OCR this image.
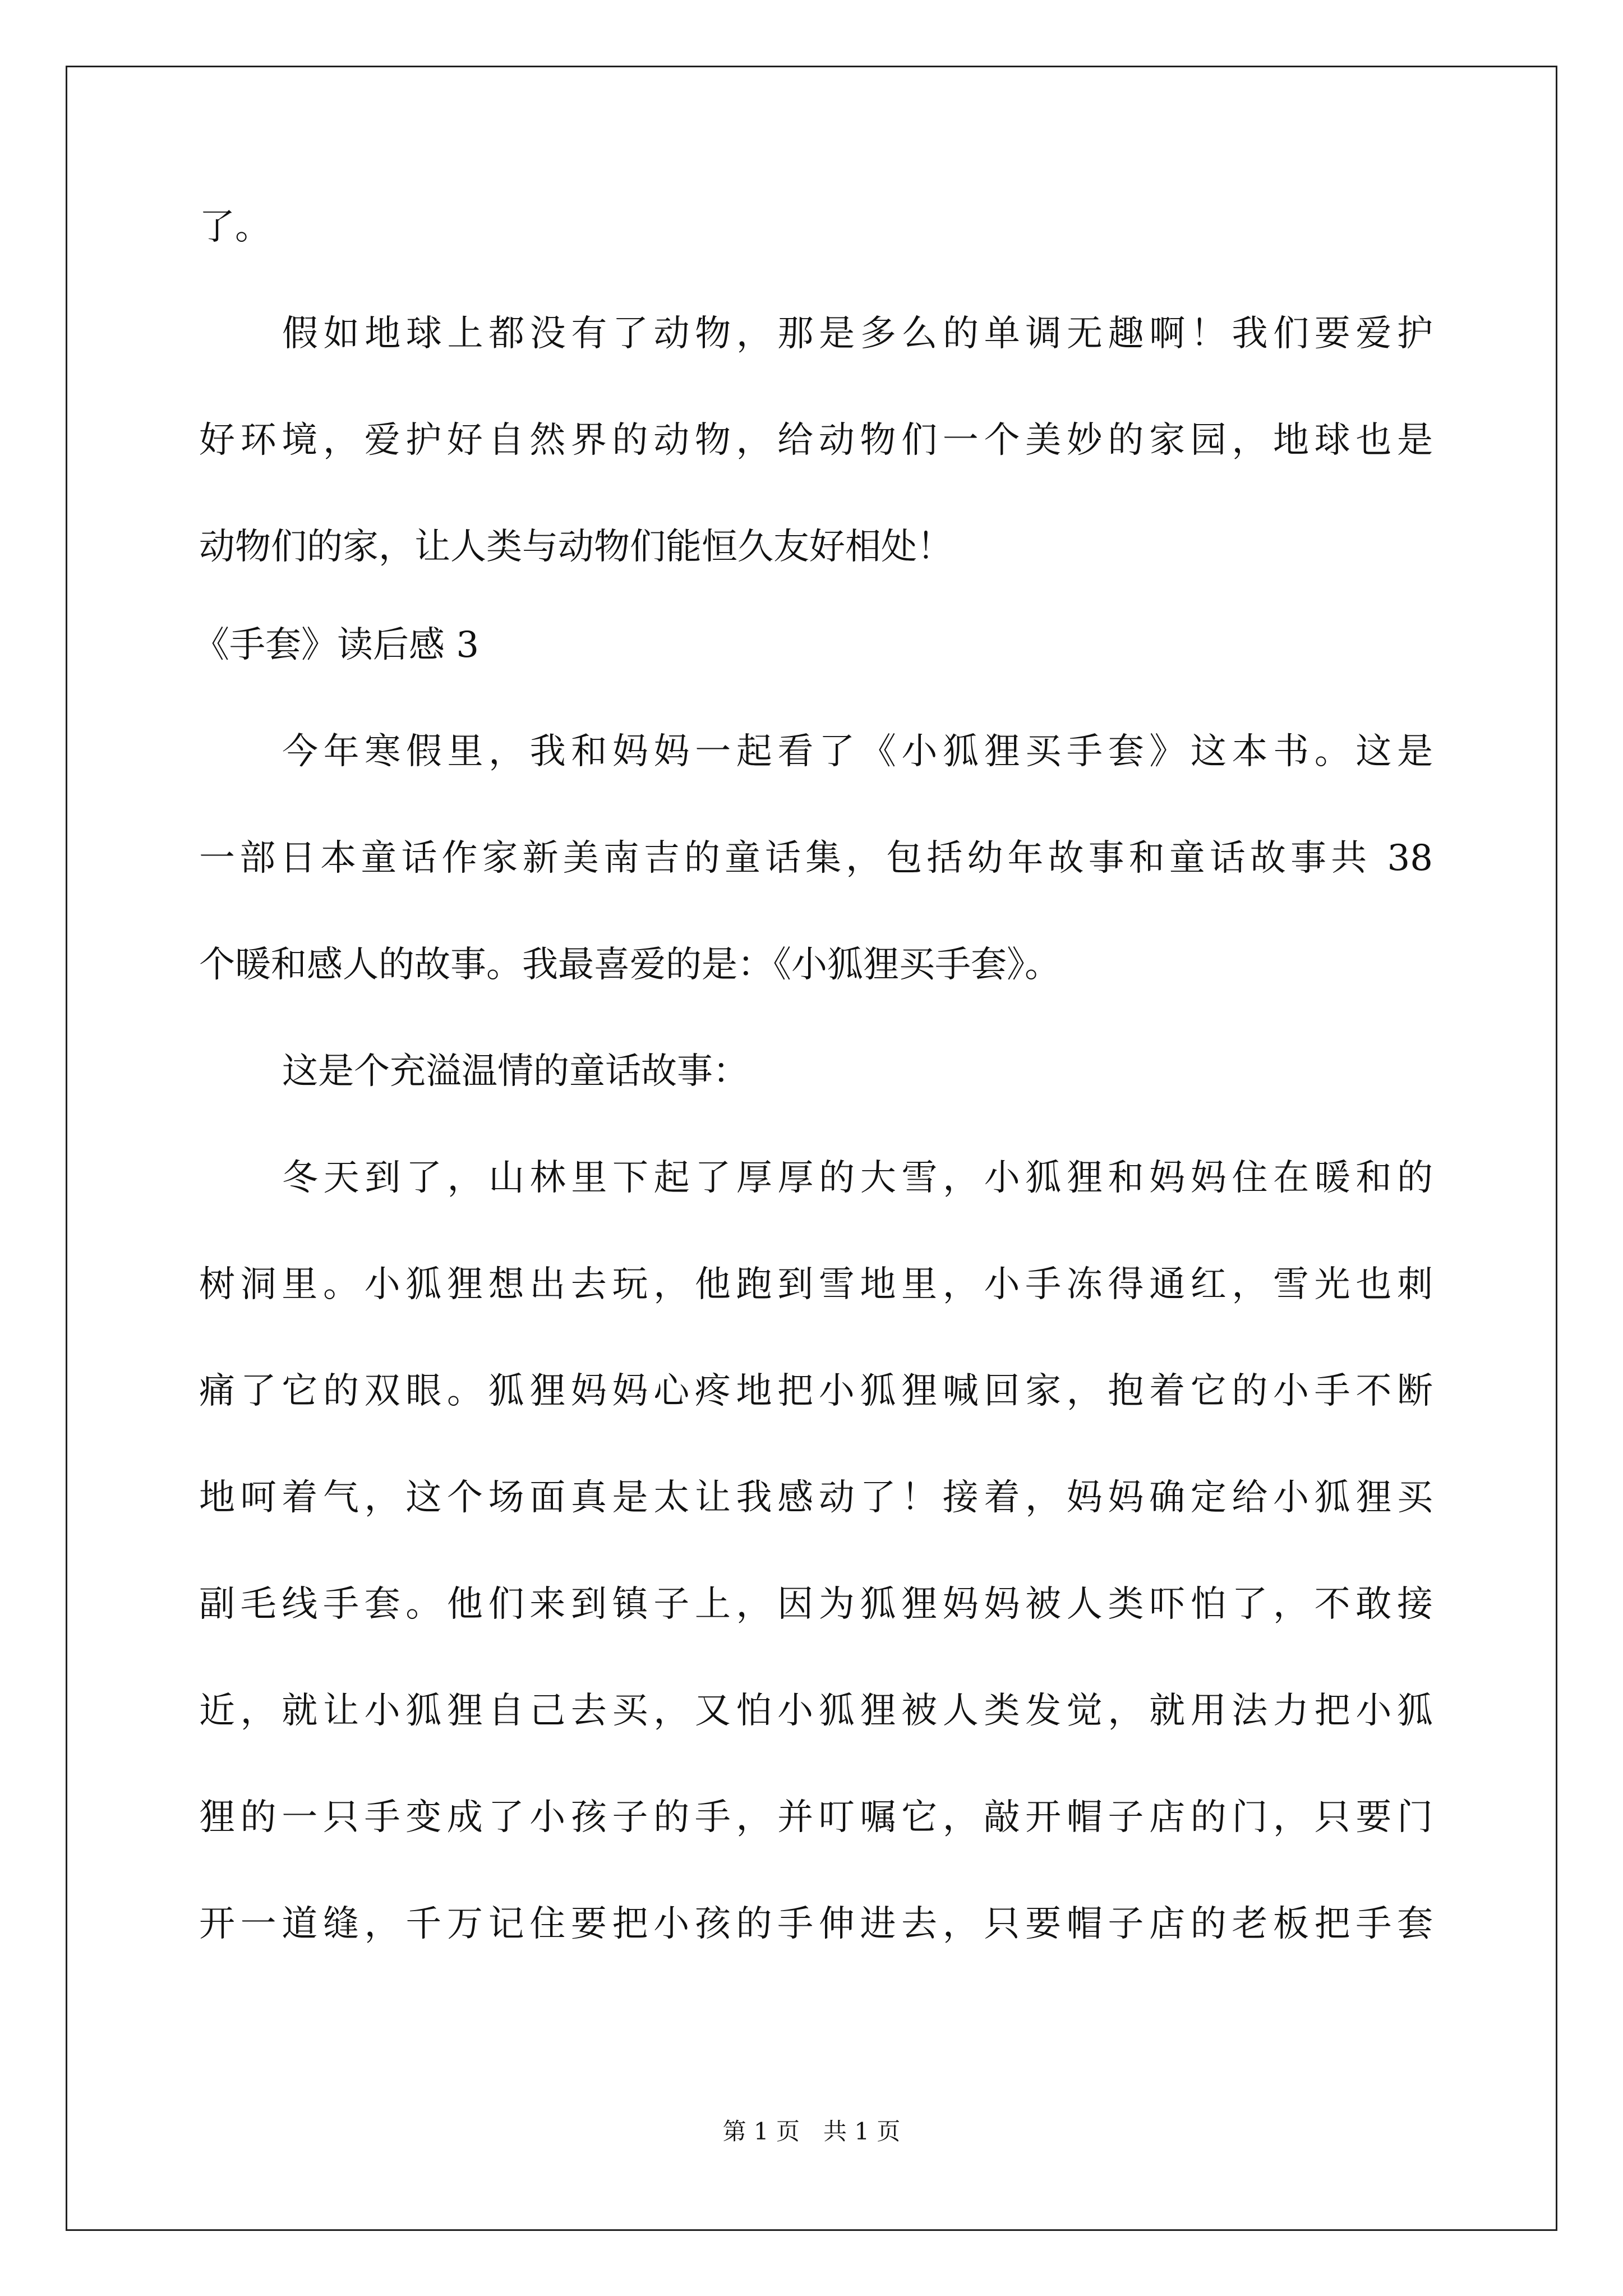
了。
假如地球上都没有了动物，那是多么的单调无趣啊！我们要爱护
好环境，爱护好自然界的动物，给动物们一个美妙的家园，地球也是
动物们的家，让人类与动物们能恒久友好相处！
《手套》读后感 3
今年寒假里，我和妈妈一起看了《小狐狸买手套》这本书。这是
一部日本童话作家新美南吉的童话集，包括幼年故事和童话故事共 38
个暖和感人的故事。我最喜爱的是：《小狐狸买手套》。
这是个充溢温情的童话故事：
冬天到了，山林里下起了厚厚的大雪，小狐狸和妈妈住在暖和的
树洞里。小狐狸想出去玩，他跑到雪地里，小手冻得通红，雪光也刺
痛了它的双眼。狐狸妈妈心疼地把小狐狸喊回家，抱着它的小手不断
地呵着气，这个场面真是太让我感动了！接着，妈妈确定给小狐狸买
副毛线手套。他们来到镇子上，因为狐狸妈妈被人类吓怕了，不敢接
近，就让小狐狸自己去买，又怕小狐狸被人类发觉，就用法力把小狐
狸的一只手变成了小孩子的手，并叮嘱它，敲开帽子店的门，只要门
开一道缝，千万记住要把小孩的手伸进去，只要帽子店的老板把手套
第 1 页　共 1 页
